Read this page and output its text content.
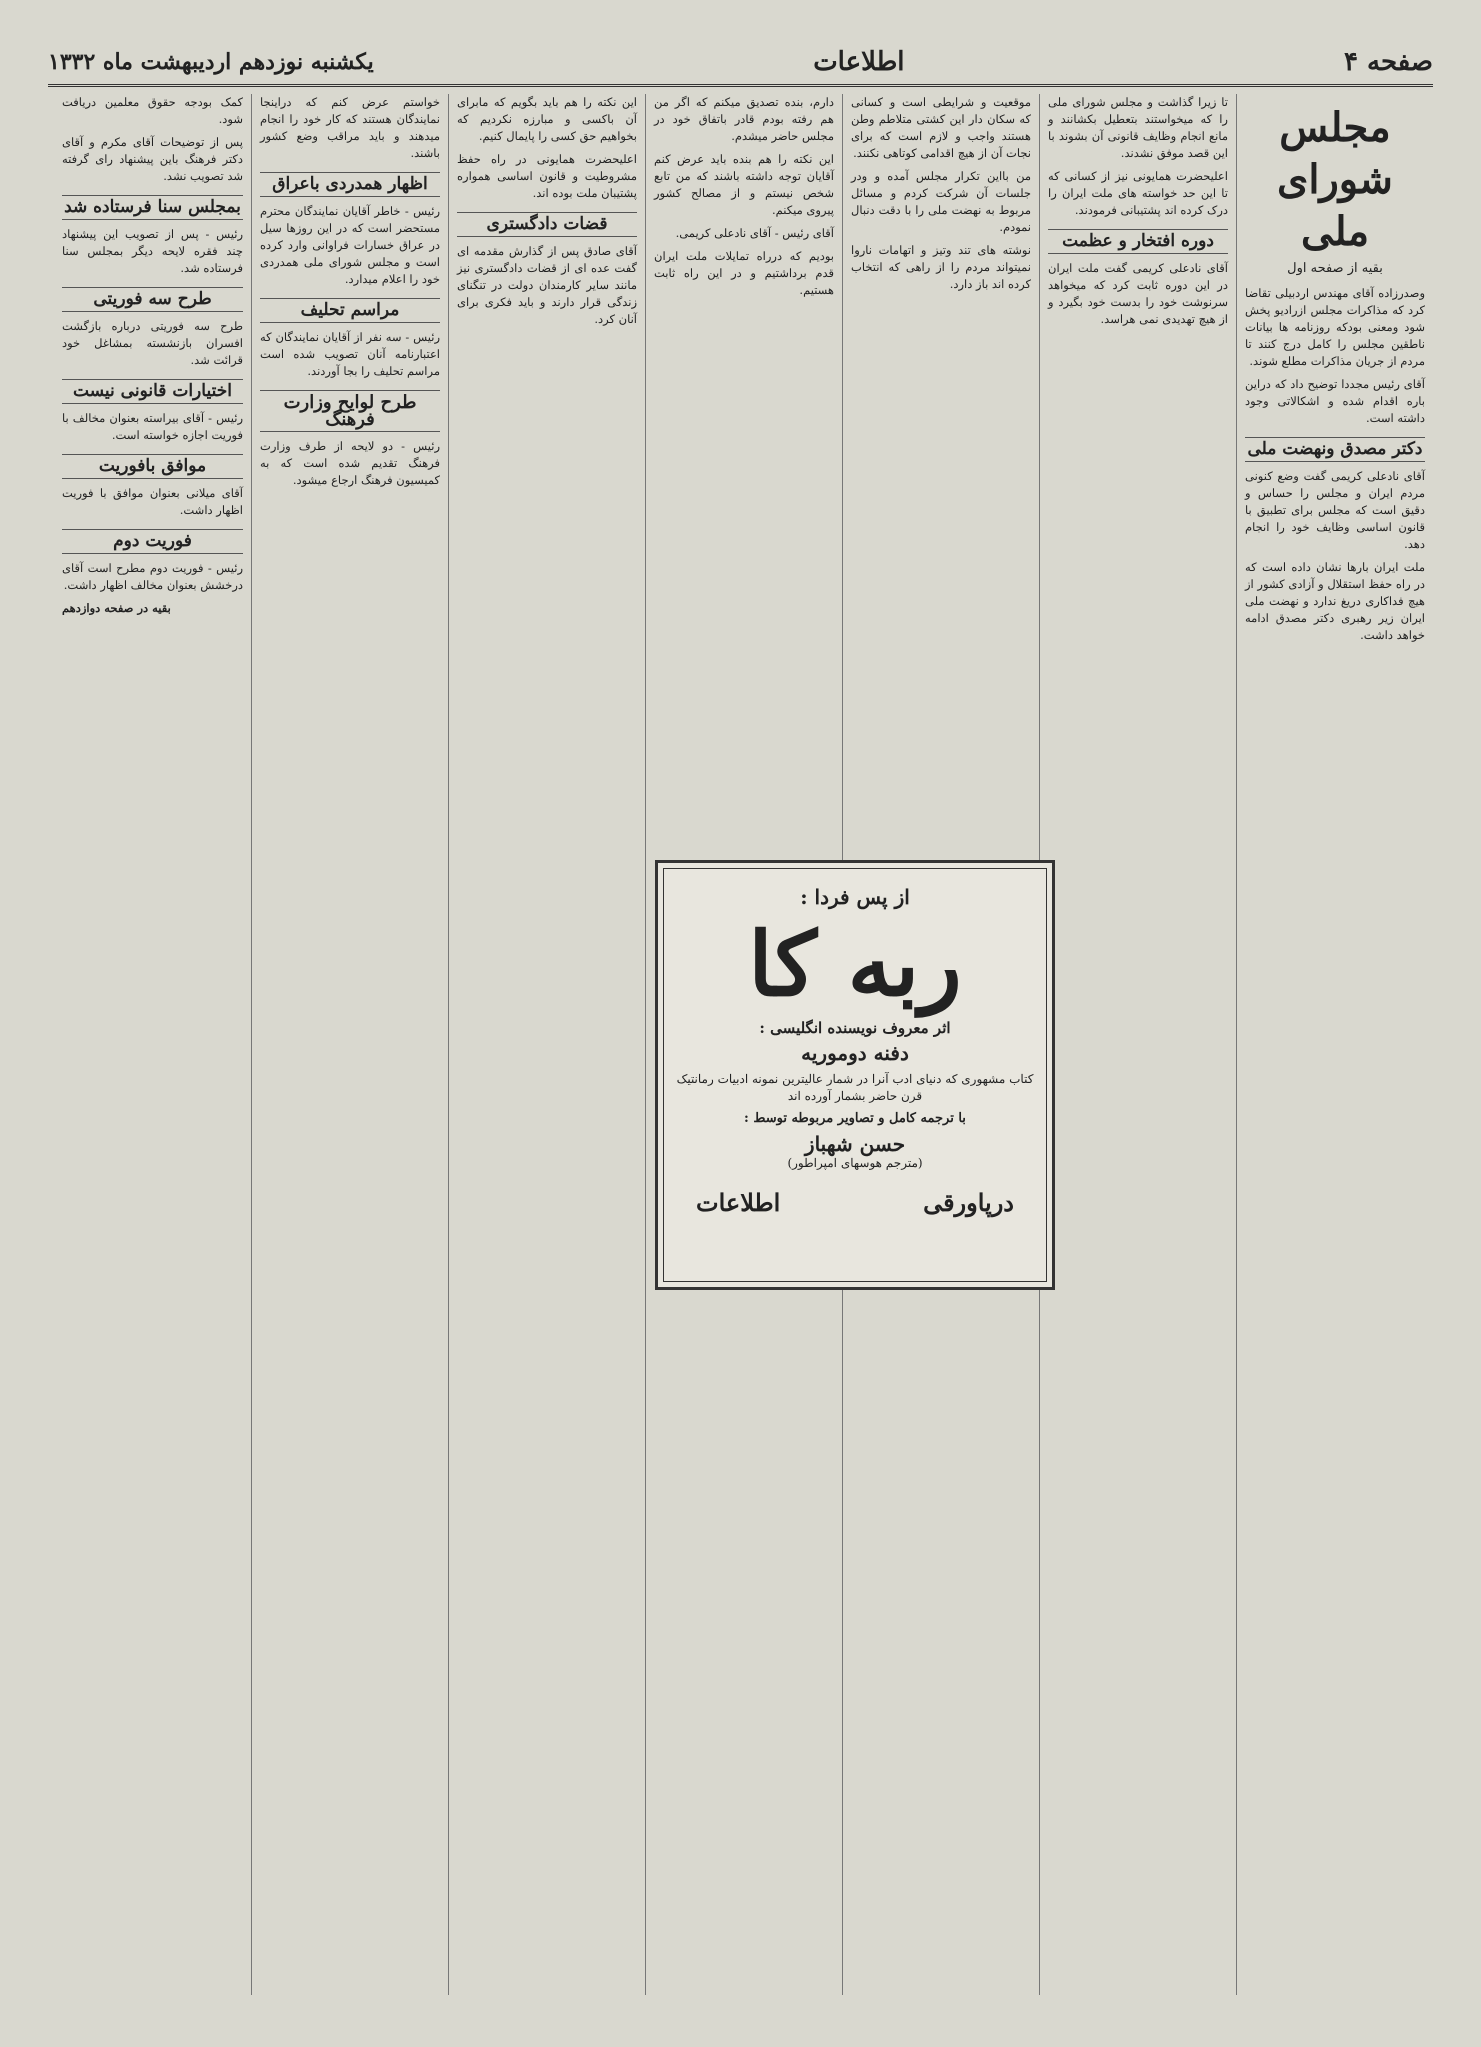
صفحه ۴
اطلاعات
یکشنبه نوزدهم اردیبهشت ماه ۱۳۳۲
مجلس شورای ملی
بقیه از صفحه اول

وصدرزاده آقای مهندس اردبیلی تقاضا کرد که مذاکرات مجلس ازرادیو پخش شود ومعنی بودکه روزنامه ها بیانات ناطقین مجلس را کامل درج کنند تا مردم از جریان مذاکرات مطلع شوند.

آقای رئیس مجددا توضیح داد که دراین باره اقدام شده و اشکالاتی وجود داشته است.

دکتر مصدق ونهضت ملی

آقای نادعلی کریمی گفت وضع کنونی مردم ایران و مجلس را حساس و دقیق است که مجلس برای تطبیق با قانون اساسی وظایف خود را انجام دهد.

ملت ایران بارها نشان داده است که در راه حفظ استقلال و آزادی کشور از هیچ فداکاری دریغ ندارد و نهضت ملی ایران زیر رهبری دکتر مصدق ادامه خواهد داشت.

تا زیرا گذاشت و مجلس شورای ملی را که میخواستند بتعطیل بکشانند و مانع انجام وظایف قانونی آن بشوند با این قصد موفق نشدند.

اعلیحضرت همایونی نیز از کسانی که تا این حد خواسته های ملت ایران را درک کرده اند پشتیبانی فرمودند.

دوره افتخار و عظمت

آقای نادعلی کریمی گفت ملت ایران در این دوره ثابت کرد که میخواهد سرنوشت خود را بدست خود بگیرد و از هیچ تهدیدی نمی هراسد.

موقعیت و شرایطی است و کسانی که سکان دار این کشتی متلاطم وطن هستند واجب و لازم است که برای نجات آن از هیچ اقدامی کوتاهی نکنند.

من بااین تکرار مجلس آمده و ودر جلسات آن شرکت کردم و مسائل مربوط به نهضت ملی را با دقت دنبال نمودم.

نوشته های تند وتیز و اتهامات ناروا نمیتواند مردم را از راهی که انتخاب کرده اند باز دارد.

دارم، بنده تصدیق میکنم که اگر من هم رفته بودم قادر باتفاق خود در مجلس حاضر میشدم.

این نکته را هم بنده باید عرض کنم آقایان توجه داشته باشند که من تابع شخص نیستم و از مصالح کشور پیروی میکنم.

آقای رئیس - آقای نادعلی کریمی.

بودیم که درراه تمایلات ملت ایران قدم برداشتیم و در این راه ثابت هستیم.

این نکته را هم باید بگویم که مابرای آن باکسی و مبارزه نکردیم که بخواهیم حق کسی را پایمال کنیم.

اعلیحضرت همایونی در راه حفظ مشروطیت و قانون اساسی همواره پشتیبان ملت بوده اند.

قضات دادگستری

آقای صادق پس از گذارش مقدمه ای گفت عده ای از قضات دادگستری نیز مانند سایر کارمندان دولت در تنگنای زندگی قرار دارند و باید فکری برای آنان کرد.

خواستم عرض کنم که دراینجا نمایندگان هستند که کار خود را انجام میدهند و باید مراقب وضع کشور باشند.

اظهار همدردی باعراق

رئیس - خاطر آقایان نمایندگان محترم مستحضر است که در این روزها سیل در عراق خسارات فراوانی وارد کرده است و مجلس شورای ملی همدردی خود را اعلام میدارد.

مراسم تحلیف

رئیس - سه نفر از آقایان نمایندگان که اعتبارنامه آنان تصویب شده است مراسم تحلیف را بجا آوردند.

طرح لوایح وزارت فرهنگ

رئیس - دو لایحه از طرف وزارت فرهنگ تقدیم شده است که به کمیسیون فرهنگ ارجاع میشود.

کمک بودجه حقوق معلمین دریافت شود.

پس از توضیحات آقای مکرم و آقای دکتر فرهنگ باین پیشنهاد رای گرفته شد تصویب نشد.

بمجلس سنا فرستاده شد

رئیس - پس از تصویب این پیشنهاد چند فقره لایحه دیگر بمجلس سنا فرستاده شد.

طرح سه فوریتی

طرح سه فوریتی درباره بازگشت افسران بازنشسته بمشاغل خود قرائت شد.

اختیارات قانونی نیست

رئیس - آقای بیراسته بعنوان مخالف با فوریت اجازه خواسته است.

موافق بافوریت

آقای میلانی بعنوان موافق با فوریت اظهار داشت.

فوریت دوم

رئیس - فوریت دوم مطرح است آقای درخشش بعنوان مخالف اظهار داشت.

بقیه در صفحه دوازدهم
از پس فردا :
ربه کا
اثر معروف نویسنده انگلیسی :
دفنه دوموریه
کتاب مشهوری که دنیای ادب آنرا در شمار عالیترین نمونه ادبیات رمانتیک قرن حاضر بشمار آورده اند
با ترجمه کامل و تصاویر مربوطه توسط :
حسن شهباز
(مترجم هوسهای امپراطور)
درپاورقی
اطلاعات
